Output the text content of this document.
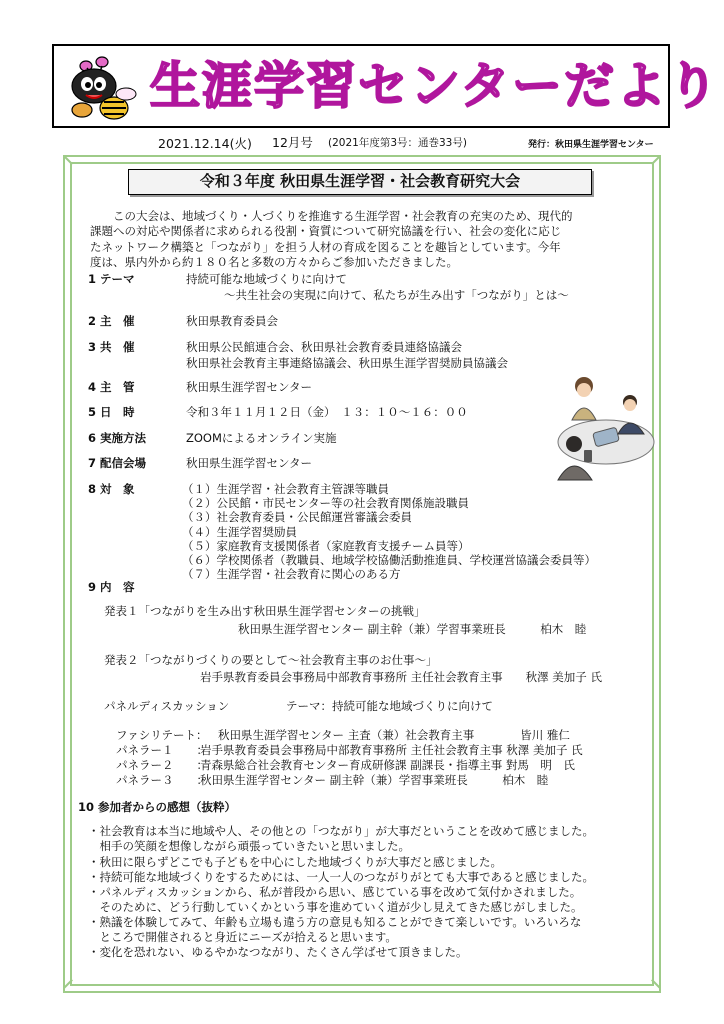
生涯学習センターだより
2021.12.14(火) 12月号 (2021年度第3号：通巻33号)	発行：秋田県生涯学習センター
令和３年度 秋田県生涯学習・社会教育研究大会

この大会は、地域づくり・人づくりを推進する生涯学習・社会教育の充実のため、現代的

課題への対応や関係者に求められる役割・資質について研究協議を行い、社会の変化に応じ

たネットワーク構築と「つながり」を担う人材の育成を図ることを趣旨としています。今年

度は、県内外から約１８０名と多数の方々からご参加いただきました。

1 テーマ	持続可能な地域づくりに向けて

～共生社会の実現に向けて、私たちが生み出す「つながり」とは～

2 主　催	秋田県教育委員会
3 共　催	秋田県公民館連合会、秋田県社会教育委員連絡協議会

秋田県社会教育主事連絡協議会、秋田県生涯学習奨励員協議会

4 主　管	秋田県生涯学習センター
5 日　時	令和３年１１月１２日（金）　１３：１０～１６：００
6 実施方法	ZOOMによるオンライン実施
7 配信会場	秋田県生涯学習センター
8 対　象	（１）生涯学習・社会教育主管課等職員

（２）公民館・市民センター等の社会教育関係施設職員

（３）社会教育委員・公民館運営審議会委員

（４）生涯学習奨励員

（５）家庭教育支援関係者（家庭教育支援チーム員等）

（６）学校関係者（教職員、地域学校協働活動推進員、学校運営協議会委員等）

（７）生涯学習・社会教育に関心のある方

9 内　容
発表１「つながりを生み出す秋田県生涯学習センターの挑戦」
秋田県生涯学習センター 副主幹（兼）学習事業班長　　　柏木　睦
発表２「つながりづくりの要として～社会教育主事のお仕事～」
岩手県教育委員会事務局中部教育事務所 主任社会教育主事　　秋澤 美加子 氏
パネルディスカッション	テーマ：持続可能な地域づくりに向けて
ファシリテート： 秋田県生涯学習センター 主査（兼）社会教育主事　　　　皆川 雅仁
パネラー１　　：
岩手県教育委員会事務局中部教育事務所 主任社会教育主事 秋澤 美加子 氏
パネラー２　　：
青森県総合社会教育センター育成研修課 副課長・指導主事 對馬　明　氏
パネラー３　　：
秋田県生涯学習センター 副主幹（兼）学習事業班長　　　柏木　睦
10 参加者からの感想（抜粋）
・社会教育は本当に地域や人、その他との「つながり」が大事だということを改めて感じました。
　相手の笑顔を想像しながら頑張っていきたいと思いました。
・秋田に限らずどこでも子どもを中心にした地域づくりが大事だと感じました。
・持続可能な地域づくりをするためには、一人一人のつながりがとても大事であると感じました。
・パネルディスカッションから、私が普段から思い、感じている事を改めて気付かされました。
　そのために、どう行動していくかという事を進めていく道が少し見えてきた感じがしました。
・熟議を体験してみて、年齢も立場も違う方の意見も知ることができて楽しいです。いろいろな
　ところで開催されると身近にニーズが拾えると思います。
・変化を恐れない、ゆるやかなつながり、たくさん学ばせて頂きました。
